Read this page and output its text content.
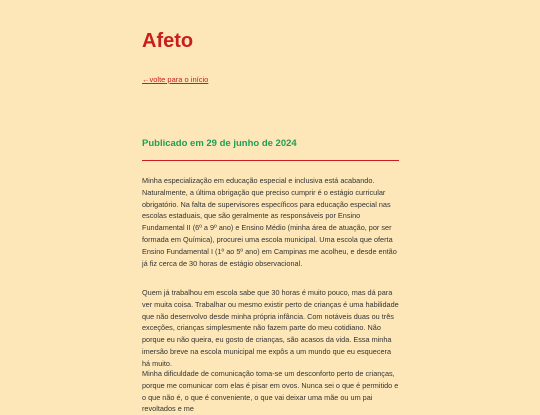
Afeto
←volte para o início
Publicado em 29 de junho de 2024

Minha especialização em educação especial e inclusiva está acabando. Naturalmente, a última obrigação que preciso cumprir é o estágio curricular obrigatório. Na falta de supervisores específicos para educação especial nas escolas estaduais, que são geralmente as responsáveis por Ensino Fundamental II (6º a 9º ano) e Ensino Médio (minha área de atuação, por ser formada em Química), procurei uma escola municipal. Uma escola que oferta Ensino Fundamental I (1º ao 5º ano) em Campinas me acolheu, e desde então já fiz cerca de 30 horas de estágio observacional.

Quem já trabalhou em escola sabe que 30 horas é muito pouco, mas dá para ver muita coisa. Trabalhar ou mesmo existir perto de crianças é uma habilidade que não desenvolvo desde minha própria infância. Com notáveis duas ou três exceções, crianças simplesmente não fazem parte do meu cotidiano. Não porque eu não queira, eu gosto de crianças, são acasos da vida. Essa minha imersão breve na escola municipal me expôs a um mundo que eu esquecera há muito.

Minha dificuldade de comunicação toma-se um desconforto perto de crianças, porque me comunicar com elas é pisar em ovos. Nunca sei o que é permitido e o que não é, o que é conveniente, o que vai deixar uma mãe ou um pai revoltados e me
